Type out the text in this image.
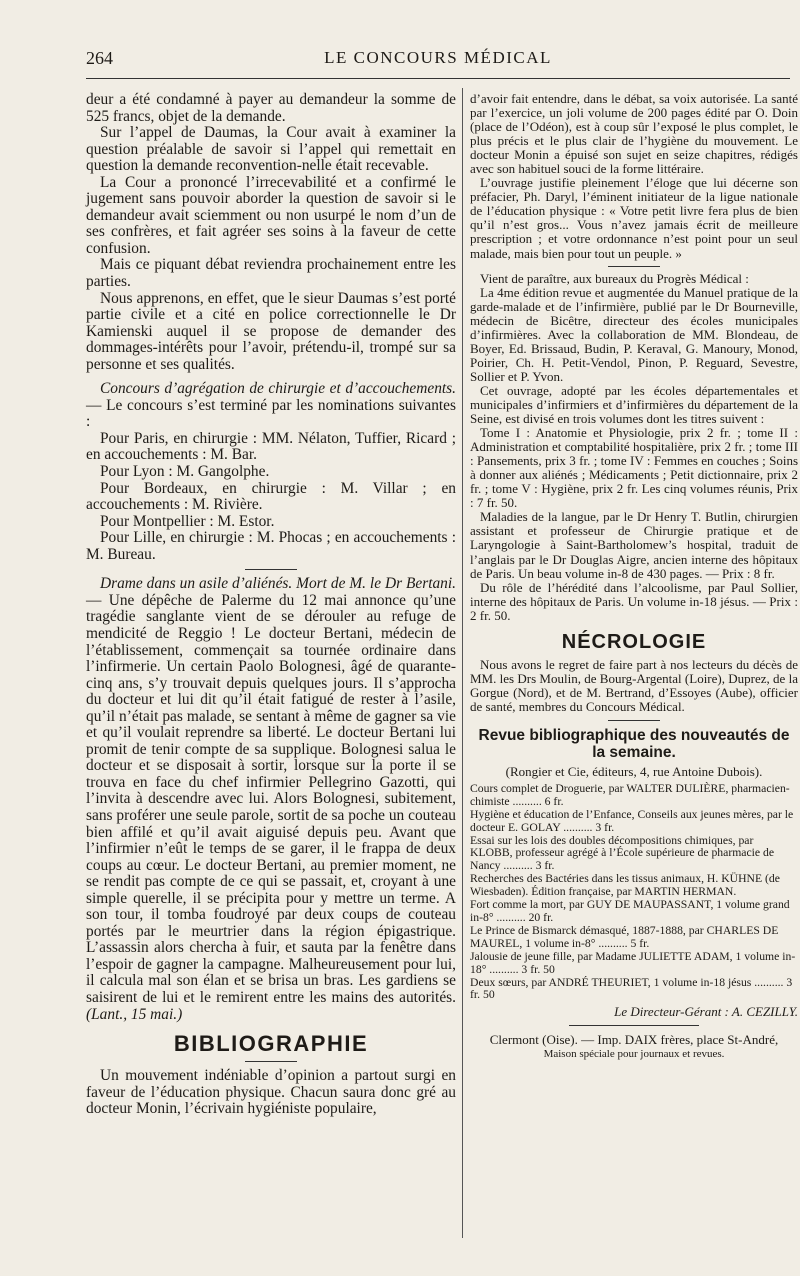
264	LE CONCOURS MÉDICAL

deur a été condamné à payer au demandeur la somme de 525 francs, objet de la demande.

Sur l’appel de Daumas, la Cour avait à examiner la question préalable de savoir si l’appel qui remettait en question la demande reconvention-nelle était recevable.

La Cour a prononcé l’irrecevabilité et a confirmé le jugement sans pouvoir aborder la question de savoir si le demandeur avait sciemment ou non usurpé le nom d’un de ses confrères, et fait agréer ses soins à la faveur de cette confusion.

Mais ce piquant débat reviendra prochainement entre les parties.

Nous apprenons, en effet, que le sieur Daumas s’est porté partie civile et a cité en police correctionnelle le Dr Kamienski auquel il se propose de demander des dommages-intérêts pour l’avoir, prétendu-il, trompé sur sa personne et ses qualités.

Concours d’agrégation de chirurgie et d’accouchements. — Le concours s’est terminé par les nominations suivantes :

Pour Paris, en chirurgie : MM. Nélaton, Tuffier, Ricard ; en accouchements : M. Bar.

Pour Lyon : M. Gangolphe.

Pour Bordeaux, en chirurgie : M. Villar ; en accouchements : M. Rivière.

Pour Montpellier : M. Estor.

Pour Lille, en chirurgie : M. Phocas ; en accouchements : M. Bureau.

Drame dans un asile d’aliénés. Mort de M. le Dr Bertani. — Une dépêche de Palerme du 12 mai annonce qu’une tragédie sanglante vient de se dérouler au refuge de mendicité de Reggio ! Le docteur Bertani, médecin de l’établissement, commençait sa tournée ordinaire dans l’infirmerie. Un certain Paolo Bolognesi, âgé de quarante-cinq ans, s’y trouvait depuis quelques jours. Il s’approcha du docteur et lui dit qu’il était fatigué de rester à l’asile, qu’il n’était pas malade, se sentant à même de gagner sa vie et qu’il voulait reprendre sa liberté. Le docteur Bertani lui promit de tenir compte de sa supplique. Bolognesi salua le docteur et se disposait à sortir, lorsque sur la porte il se trouva en face du chef infirmier Pellegrino Gazotti, qui l’invita à descendre avec lui. Alors Bolognesi, subitement, sans proférer une seule parole, sortit de sa poche un couteau bien affilé et qu’il avait aiguisé depuis peu. Avant que l’infirmier n’eût le temps de se garer, il le frappa de deux coups au cœur. Le docteur Bertani, au premier moment, ne se rendit pas compte de ce qui se passait, et, croyant à une simple querelle, il se précipita pour y mettre un terme. A son tour, il tomba foudroyé par deux coups de couteau portés par le meurtrier dans la région épigastrique. L’assassin alors chercha à fuir, et sauta par la fenêtre dans l’espoir de gagner la campagne. Malheureusement pour lui, il calcula mal son élan et se brisa un bras. Les gardiens se saisirent de lui et le remirent entre les mains des autorités. (Lant., 15 mai.)

BIBLIOGRAPHIE

Un mouvement indéniable d’opinion a partout surgi en faveur de l’éducation physique. Chacun saura donc gré au docteur Monin, l’écrivain hygiéniste populaire,

d’avoir fait entendre, dans le débat, sa voix autorisée. La santé par l’exercice, un joli volume de 200 pages édité par O. Doin (place de l’Odéon), est à coup sûr l’exposé le plus complet, le plus précis et le plus clair de l’hygiène du mouvement. Le docteur Monin a épuisé son sujet en seize chapitres, rédigés avec son habituel souci de la forme littéraire.

L’ouvrage justifie pleinement l’éloge que lui décerne son préfacier, Ph. Daryl, l’éminent initiateur de la ligue nationale de l’éducation physique : « Votre petit livre fera plus de bien qu’il n’est gros... Vous n’avez jamais écrit de meilleure prescription ; et votre ordonnance n’est point pour un seul malade, mais bien pour tout un peuple. »

Vient de paraître, aux bureaux du Progrès Médical :

La 4me édition revue et augmentée du Manuel pratique de la garde-malade et de l’infirmière, publié par le Dr Bourneville, médecin de Bicêtre, directeur des écoles municipales d’infirmières. Avec la collaboration de MM. Blondeau, de Boyer, Ed. Brissaud, Budin, P. Keraval, G. Manoury, Monod, Poirier, Ch. H. Petit-Vendol, Pinon, P. Reguard, Sevestre, Sollier et P. Yvon.

Cet ouvrage, adopté par les écoles départementales et municipales d’infirmiers et d’infirmières du département de la Seine, est divisé en trois volumes dont les titres suivent :

Tome I : Anatomie et Physiologie, prix 2 fr. ; tome II : Administration et comptabilité hospitalière, prix 2 fr. ; tome III : Pansements, prix 3 fr. ; tome IV : Femmes en couches ; Soins à donner aux aliénés ; Médicaments ; Petit dictionnaire, prix 2 fr. ; tome V : Hygiène, prix 2 fr. Les cinq volumes réunis, Prix : 7 fr. 50.

Maladies de la langue, par le Dr Henry T. Butlin, chirurgien assistant et professeur de Chirurgie pratique et de Laryngologie à Saint-Bartholomew’s hospital, traduit de l’anglais par le Dr Douglas Aigre, ancien interne des hôpitaux de Paris. Un beau volume in-8 de 430 pages. — Prix : 8 fr.

Du rôle de l’hérédité dans l’alcoolisme, par Paul Sollier, interne des hôpitaux de Paris. Un volume in-18 jésus. — Prix : 2 fr. 50.

NÉCROLOGIE

Nous avons le regret de faire part à nos lecteurs du décès de MM. les Drs Moulin, de Bourg-Argental (Loire), Duprez, de la Gorgue (Nord), et de M. Bertrand, d’Essoyes (Aube), officier de santé, membres du Concours Médical.

Revue bibliographique des nouveautés de la semaine.
(Rongier et Cie, éditeurs, 4, rue Antoine Dubois).

Cours complet de Droguerie, par WALTER DULIÈRE, pharmacien-chimiste .......... 6 fr.

Hygiène et éducation de l’Enfance, Conseils aux jeunes mères, par le docteur E. GOLAY .......... 3 fr.

Essai sur les lois des doubles décompositions chimiques, par KLOBB, professeur agrégé à l’École supérieure de pharmacie de Nancy .......... 3 fr.

Recherches des Bactéries dans les tissus animaux, H. KÜHNE (de Wiesbaden). Édition française, par MARTIN HERMAN.

Fort comme la mort, par GUY DE MAUPASSANT, 1 volume grand in-8° .......... 20 fr.

Le Prince de Bismarck démasqué, 1887-1888, par CHARLES DE MAUREL, 1 volume in-8° .......... 5 fr.

Jalousie de jeune fille, par Madame JULIETTE ADAM, 1 volume in-18° .......... 3 fr. 50

Deux sœurs, par ANDRÉ THEURIET, 1 volume in-18 jésus .......... 3 fr. 50

Le Directeur-Gérant : A. CEZILLY.
Clermont (Oise). — Imp. DAIX frères, place St-André,
Maison spéciale pour journaux et revues.
